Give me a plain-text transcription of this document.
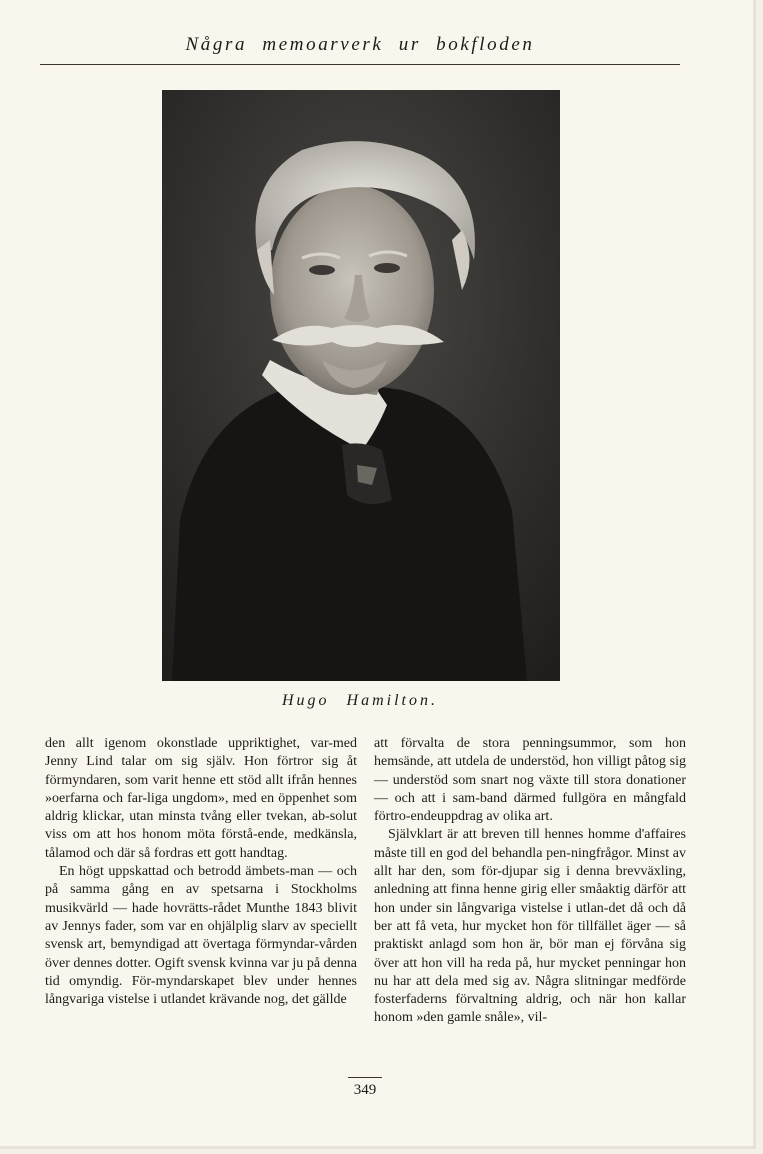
Några memoarverk ur bokfloden
Hugo Hamilton.

den allt igenom okonstlade uppriktighet, var-med Jenny Lind talar om sig själv. Hon förtror sig åt förmyndaren, som varit henne ett stöd allt ifrån hennes »oerfarna och far-liga ungdom», med en öppenhet som aldrig klickar, utan minsta tvång eller tvekan, ab-solut viss om att hos honom möta förstå-ende, medkänsla, tålamod och där så fordras ett gott handtag.

En högt uppskattad och betrodd ämbets-man — och på samma gång en av spetsarna i Stockholms musikvärld — hade hovrätts-rådet Munthe 1843 blivit av Jennys fader, som var en ohjälplig slarv av speciellt svensk art, bemyndigad att övertaga förmyndar-vården över dennes dotter. Ogift svensk kvinna var ju på denna tid omyndig. För-myndarskapet blev under hennes långvariga vistelse i utlandet krävande nog, det gällde

att förvalta de stora penningsummor, som hon hemsände, att utdela de understöd, hon villigt påtog sig — understöd som snart nog växte till stora donationer — och att i sam-band därmed fullgöra en mångfald förtro-endeuppdrag av olika art.

Självklart är att breven till hennes homme d'affaires måste till en god del behandla pen-ningfrågor. Minst av allt har den, som för-djupar sig i denna brevväxling, anledning att finna henne girig eller småaktig därför att hon under sin långvariga vistelse i utlan-det då och då ber att få veta, hur mycket hon för tillfället äger — så praktiskt anlagd som hon är, bör man ej förvåna sig över att hon vill ha reda på, hur mycket penningar hon nu har att dela med sig av. Några slitningar medförde fosterfaderns förvaltning aldrig, och när hon kallar honom »den gamle snåle», vil-

349
